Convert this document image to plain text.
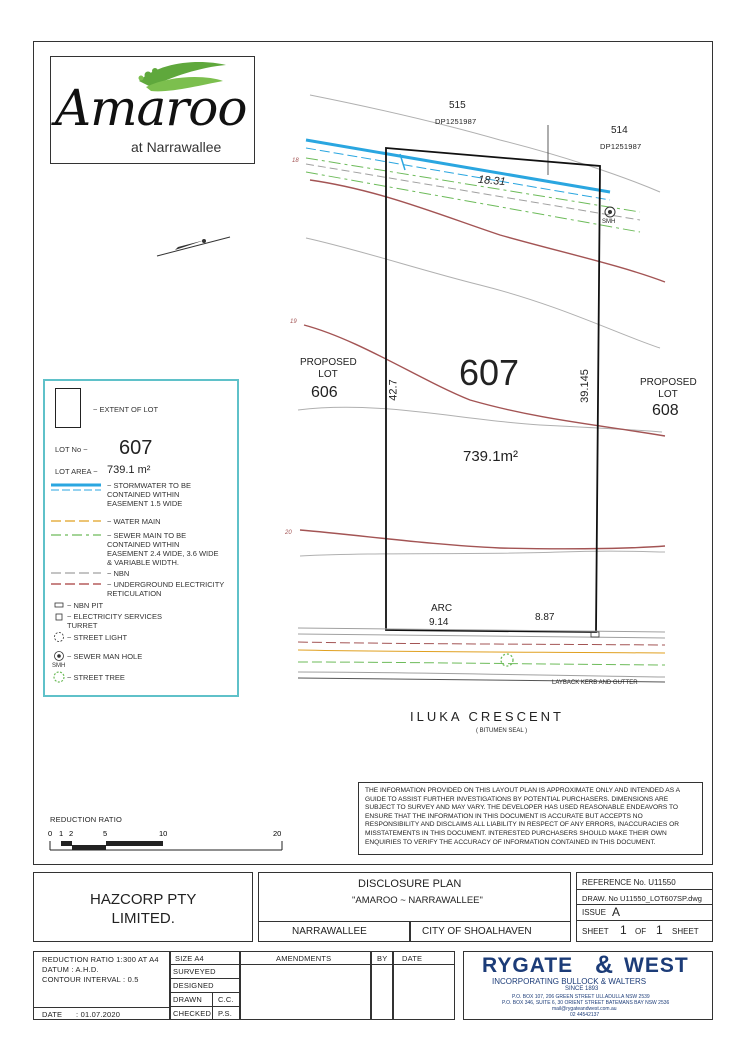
Amaroo
at Narrawallee
515
DP1251987
514
DP1251987
18.31
SMH
18
19
20
607
739.1m²
42.7	39.145
PROPOSED
LOT
606
PROPOSED
LOT
608
ARC
9.14	8.87
LAYBACK KERB AND GUTTER
ILUKA CRESCENT
( BITUMEN SEAL )
~ EXTENT OF LOT
LOT No ~ 607
LOT AREA ~ 739.1 m²
~ STORMWATER TO BE
CONTAINED WITHIN
EASEMENT 1.5 WIDE
~ WATER MAIN
~ SEWER MAIN TO BE
CONTAINED WITHIN
EASEMENT 2.4 WIDE, 3.6 WIDE
& VARIABLE WIDTH.
~ NBN
~ UNDERGROUND ELECTRICITY
RETICULATION
~ NBN PIT
~ ELECTRICITY SERVICES
TURRET
~ STREET LIGHT
~ SEWER MAN HOLE
SMH
~ STREET TREE
REDUCTION RATIO
0 1 2	5	10	20
THE INFORMATION PROVIDED ON THIS LAYOUT PLAN IS APPROXIMATE ONLY AND INTENDED AS A GUIDE TO ASSIST FURTHER INVESTIGATIONS BY POTENTIAL PURCHASERS. DIMENSIONS ARE SUBJECT TO SURVEY AND MAY VARY. THE DEVELOPER HAS USED REASONABLE ENDEAVORS TO ENSURE THAT THE INFORMATION IN THIS DOCUMENT IS ACCURATE BUT ACCEPTS NO RESPONSIBILITY AND DISCLAIMS ALL LIABILITY IN RESPECT OF ANY ERRORS, INACCURACIES OR MISSTATEMENTS IN THIS DOCUMENT. INTERESTED PURCHASERS SHOULD MAKE THEIR OWN ENQUIRIES TO VERIFY THE ACCURACY OF INFORMATION CONTAINED IN THIS DOCUMENT.
HAZCORP PTY
LIMITED.
DISCLOSURE PLAN
"AMAROO ~ NARRAWALLEE"
NARRAWALLEE	CITY OF SHOALHAVEN
REFERENCE No. U11550
DRAW. No U11550_LOT607SP.dwg
ISSUE A
SHEET 1 OF 1 SHEET
REDUCTION RATIO 1:300 AT A4
DATUM : A.H.D.
CONTOUR INTERVAL : 0.5
DATE : 01.07.2020
SIZE A4
SURVEYED
DESIGNED
DRAWN C.C.
CHECKED P.S.
AMENDMENTS	BY DATE	RYGATE & WEST
INCORPORATING BULLOCK & WALTERS
SINCE 1893
P.O. BOX 107, 206 GREEN STREET ULLADULLA NSW 2539
P.O. BOX 346, SUITE 6, 30 ORIENT STREET BATEMANS BAY NSW 2536
mail@rygateandwest.com.au
02 44542137
